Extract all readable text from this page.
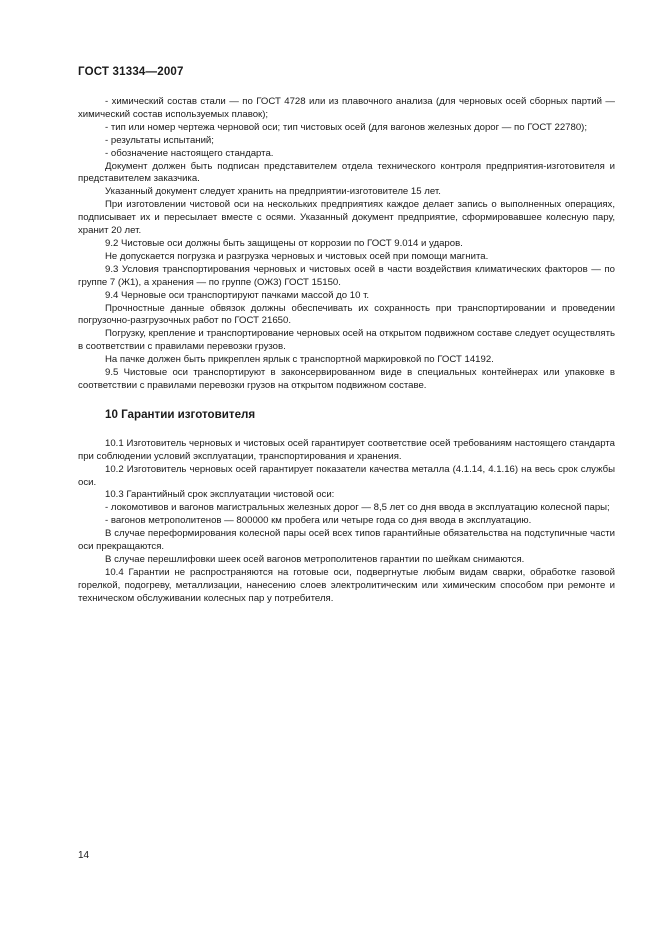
ГОСТ 31334—2007

- химический состав стали — по ГОСТ 4728 или из плавочного анализа (для черновых осей сборных партий — химический состав используемых плавок);

- тип или номер чертежа черновой оси; тип чистовых осей (для вагонов железных дорог — по ГОСТ 22780);

- результаты испытаний;

- обозначение настоящего стандарта.

Документ должен быть подписан представителем отдела технического контроля предприятия-изготовителя и представителем заказчика.

Указанный документ следует хранить на предприятии-изготовителе 15 лет.

При изготовлении чистовой оси на нескольких предприятиях каждое делает запись о выполненных операциях, подписывает их и пересылает вместе с осями. Указанный документ предприятие, сформировавшее колесную пару, хранит 20 лет.

9.2 Чистовые оси должны быть защищены от коррозии по ГОСТ 9.014 и ударов.

Не допускается погрузка и разгрузка черновых и чистовых осей при помощи магнита.

9.3 Условия транспортирования черновых и чистовых осей в части воздействия климатических факторов — по группе 7 (Ж1), а хранения — по группе (ОЖ3) ГОСТ 15150.

9.4 Черновые оси транспортируют пачками массой до 10 т.

Прочностные данные обвязок должны обеспечивать их сохранность при транспортировании и проведении погрузочно-разгрузочных работ по ГОСТ 21650.

Погрузку, крепление и транспортирование черновых осей на открытом подвижном составе следует осуществлять в соответствии с правилами перевозки грузов.

На пачке должен быть прикреплен ярлык с транспортной маркировкой по ГОСТ 14192.

9.5 Чистовые оси транспортируют в законсервированном виде в специальных контейнерах или упаковке в соответствии с правилами перевозки грузов на открытом подвижном составе.

10 Гарантии изготовителя

10.1 Изготовитель черновых и чистовых осей гарантирует соответствие осей требованиям настоящего стандарта при соблюдении условий эксплуатации, транспортирования и хранения.

10.2 Изготовитель черновых осей гарантирует показатели качества металла (4.1.14, 4.1.16) на весь срок службы оси.

10.3 Гарантийный срок эксплуатации чистовой оси:

- локомотивов и вагонов магистральных железных дорог — 8,5 лет со дня ввода в эксплуатацию колесной пары;

- вагонов метрополитенов — 800000 км пробега или четыре года со дня ввода в эксплуатацию.

В случае переформирования колесной пары осей всех типов гарантийные обязательства на подступичные части оси прекращаются.

В случае перешлифовки шеек осей вагонов метрополитенов гарантии по шейкам снимаются.

10.4 Гарантии не распространяются на готовые оси, подвергнутые любым видам сварки, обработке газовой горелкой, подогреву, металлизации, нанесению слоев электролитическим или химическим способом при ремонте и техническом обслуживании колесных пар у потребителя.

14
